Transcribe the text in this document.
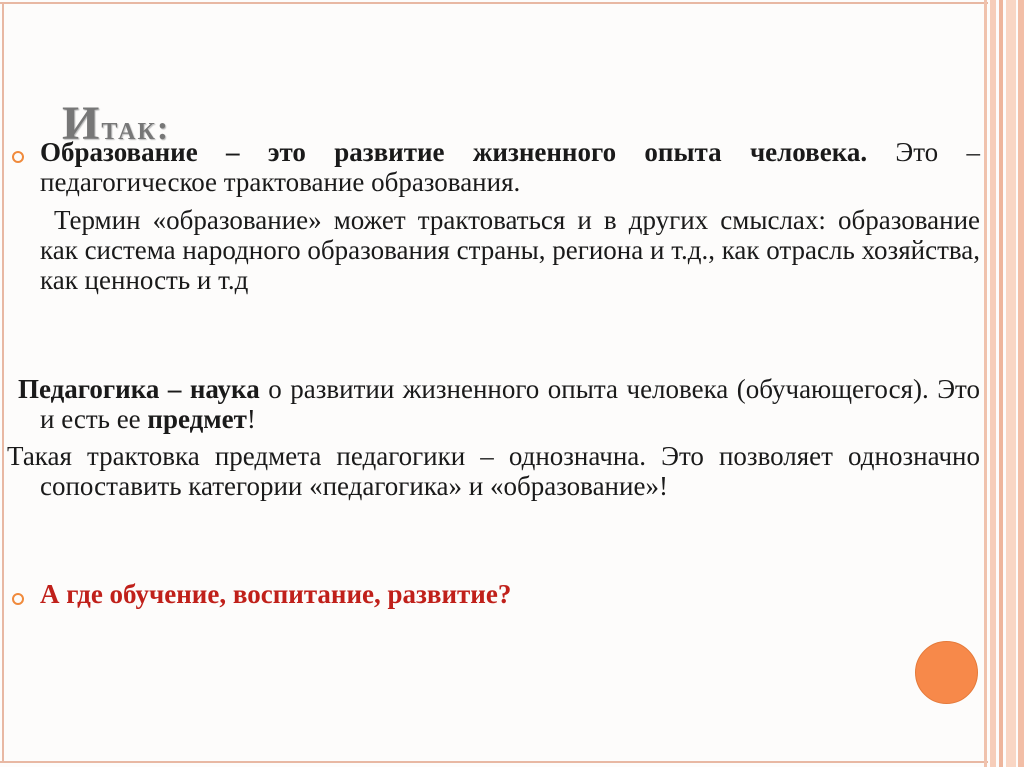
Итак:
Образование – это развитие жизненного опыта человека. Это – педагогическое трактование образования.
Термин «образование» может трактоваться и в других смыслах: образование как система народного образования страны, региона и т.д., как отрасль хозяйства, как ценность и т.д
Педагогика – наука о развитии жизненного опыта человека (обучающегося). Это и есть ее предмет!
Такая трактовка предмета педагогики – однозначна. Это позволяет однозначно сопоставить категории «педагогика» и «образование»!
А где обучение, воспитание, развитие?
